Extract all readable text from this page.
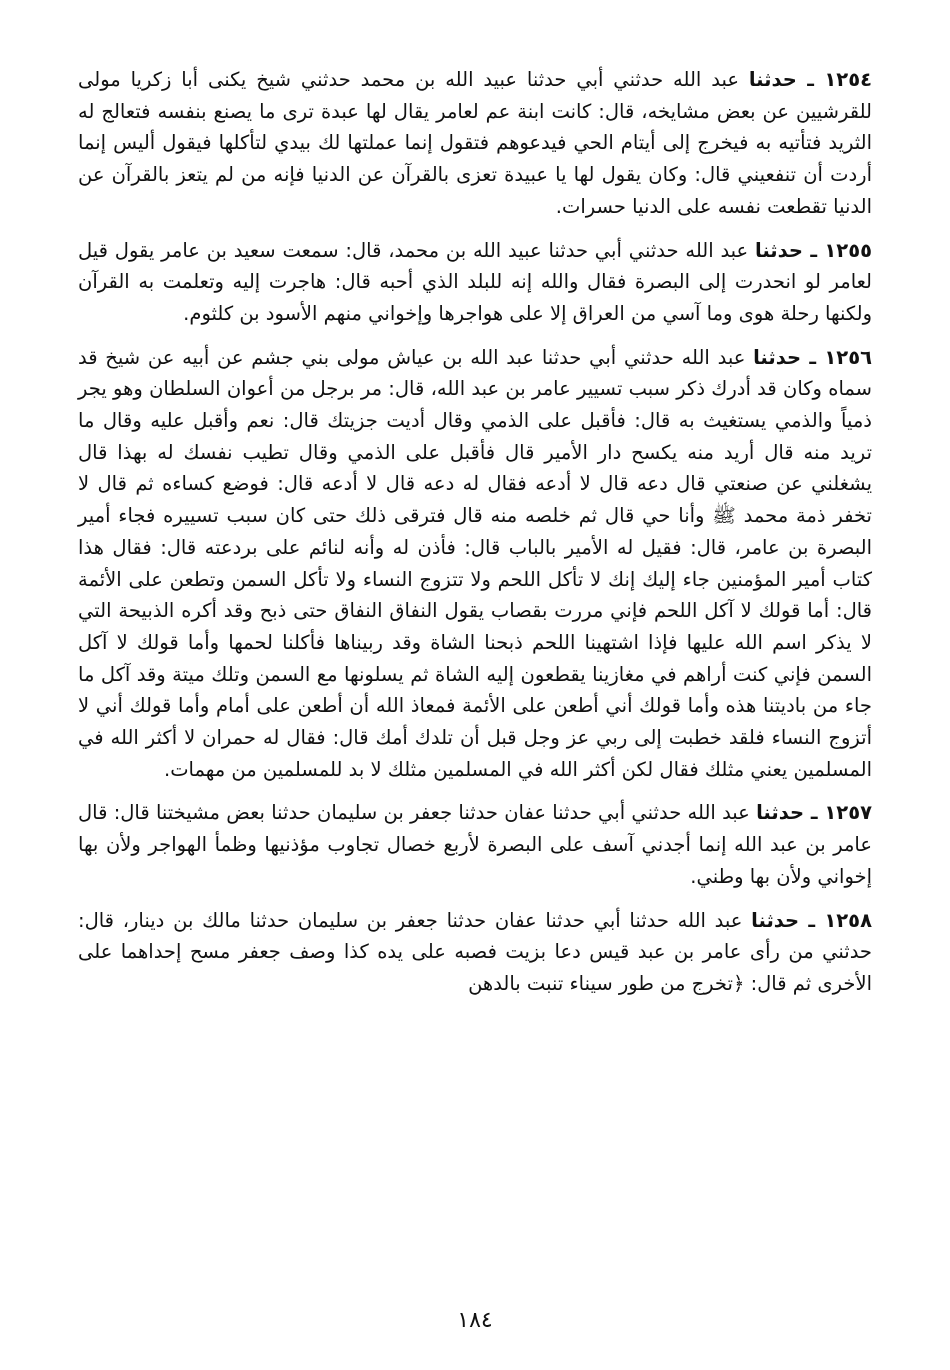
١٢٥٤ ـ حدثنا عبد الله حدثني أبي حدثنا عبيد الله بن محمد حدثني شيخ يكنى أبا زكريا مولى للقرشيين عن بعض مشايخه، قال: كانت ابنة عم لعامر يقال لها عبدة ترى ما يصنع بنفسه فتعالج له الثريد فتأتيه به فيخرج إلى أيتام الحي فيدعوهم فتقول إنما عملتها لك بيدي لتأكلها فيقول أليس إنما أردت أن تنفعيني قال: وكان يقول لها يا عبيدة تعزى بالقرآن عن الدنيا فإنه من لم يتعز بالقرآن عن الدنيا تقطعت نفسه على الدنيا حسرات.

١٢٥٥ ـ حدثنا عبد الله حدثني أبي حدثنا عبيد الله بن محمد، قال: سمعت سعيد بن عامر يقول قيل لعامر لو انحدرت إلى البصرة فقال والله إنه للبلد الذي أحبه قال: هاجرت إليه وتعلمت به القرآن ولكنها رحلة هوى وما آسي من العراق إلا على هواجرها وإخواني منهم الأسود بن كلثوم.

١٢٥٦ ـ حدثنا عبد الله حدثني أبي حدثنا عبد الله بن عياش مولى بني جشم عن أبيه عن شيخ قد سماه وكان قد أدرك ذكر سبب تسيير عامر بن عبد الله، قال: مر برجل من أعوان السلطان وهو يجر ذمياً والذمي يستغيث به قال: فأقبل على الذمي وقال أديت جزيتك قال: نعم وأقبل عليه وقال ما تريد منه قال أريد منه يكسح دار الأمير قال فأقبل على الذمي وقال تطيب نفسك له بهذا قال يشغلني عن صنعتي قال دعه قال لا أدعه فقال له دعه قال لا أدعه قال: فوضع كساءه ثم قال لا تخفر ذمة محمد ﷺ وأنا حي قال ثم خلصه منه قال فترقى ذلك حتى كان سبب تسييره فجاء أمير البصرة بن عامر، قال: فقيل له الأمير بالباب قال: فأذن له وأنه لنائم على بردعته قال: فقال هذا كتاب أمير المؤمنين جاء إليك إنك لا تأكل اللحم ولا تتزوج النساء ولا تأكل السمن وتطعن على الأئمة قال: أما قولك لا آكل اللحم فإني مررت بقصاب يقول النفاق النفاق حتى ذبح وقد أكره الذبيحة التي لا يذكر اسم الله عليها فإذا اشتهينا اللحم ذبحنا الشاة وقد ربيناها فأكلنا لحمها وأما قولك لا آكل السمن فإني كنت أراهم في مغازينا يقطعون إليه الشاة ثم يسلونها مع السمن وتلك ميتة وقد آكل ما جاء من باديتنا هذه وأما قولك أني أطعن على الأئمة فمعاذ الله أن أطعن على أمام وأما قولك أني لا أتزوج النساء فلقد خطبت إلى ربي عز وجل قبل أن تلدك أمك قال: فقال له حمران لا أكثر الله في المسلمين يعني مثلك فقال لكن أكثر الله في المسلمين مثلك لا بد للمسلمين من مهمات.

١٢٥٧ ـ حدثنا عبد الله حدثني أبي حدثنا عفان حدثنا جعفر بن سليمان حدثنا بعض مشيختنا قال: قال عامر بن عبد الله إنما أجدني آسف على البصرة لأربع خصال تجاوب مؤذنيها وظمأ الهواجر ولأن بها إخواني ولأن بها وطني.

١٢٥٨ ـ حدثنا عبد الله حدثنا أبي حدثنا عفان حدثنا جعفر بن سليمان حدثنا مالك بن دينار، قال: حدثني من رأى عامر بن عبد قيس دعا بزيت فصبه على يده كذا وصف جعفر مسح إحداهما على الأخرى ثم قال: ﴿تخرج من طور سيناء تنبت بالدهن

١٨٤
